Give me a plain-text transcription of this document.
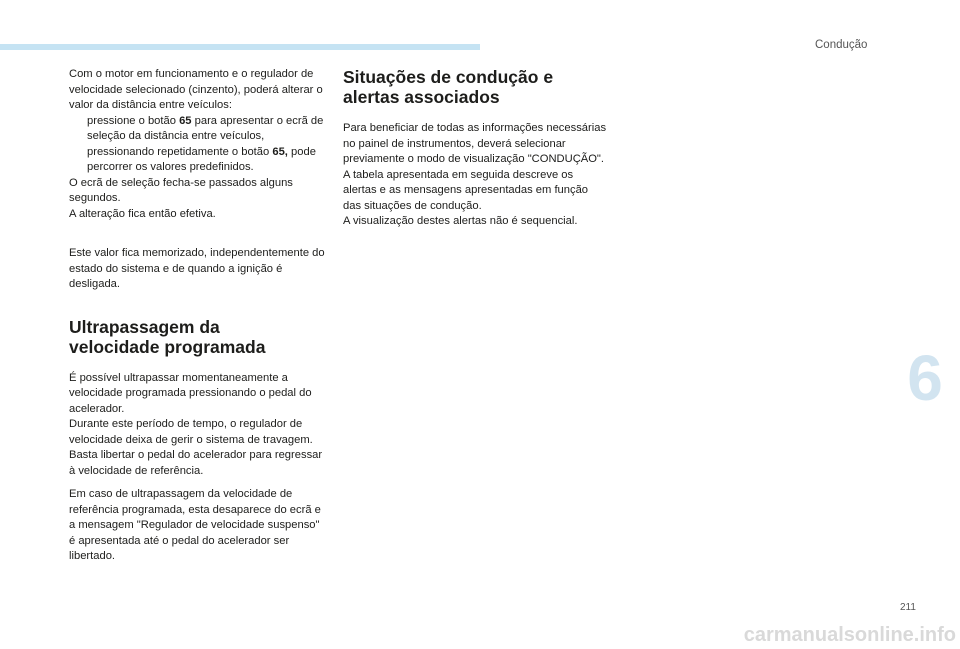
Condução

Com o motor em funcionamento e o regulador de velocidade selecionado (cinzento), poderá alterar o valor da distância entre veículos:

pressione o botão 65 para apresentar o ecrã de seleção da distância entre veículos,
pressionando repetidamente o botão 65, pode percorrer os valores predefinidos.

O ecrã de seleção fecha-se passados alguns segundos.

A alteração fica então efetiva.

Este valor fica memorizado, independentemente do estado do sistema e de quando a ignição é desligada.

Ultrapassagem da
velocidade programada

É possível ultrapassar momentaneamente a velocidade programada pressionando o pedal do acelerador.

Durante este período de tempo, o regulador de velocidade deixa de gerir o sistema de travagem.

Basta libertar o pedal do acelerador para regressar à velocidade de referência.

Em caso de ultrapassagem da velocidade de referência programada, esta desaparece do ecrã e a mensagem "Regulador de velocidade suspenso" é apresentada até o pedal do acelerador ser libertado.

Situações de condução e
alertas associados

Para beneficiar de todas as informações necessárias no painel de instrumentos, deverá selecionar previamente o modo de visualização "CONDUÇÃO".

A tabela apresentada em seguida descreve os alertas e as mensagens apresentadas em função das situações de condução.

A visualização destes alertas não é sequencial.

6
211
carmanualsonline.info
